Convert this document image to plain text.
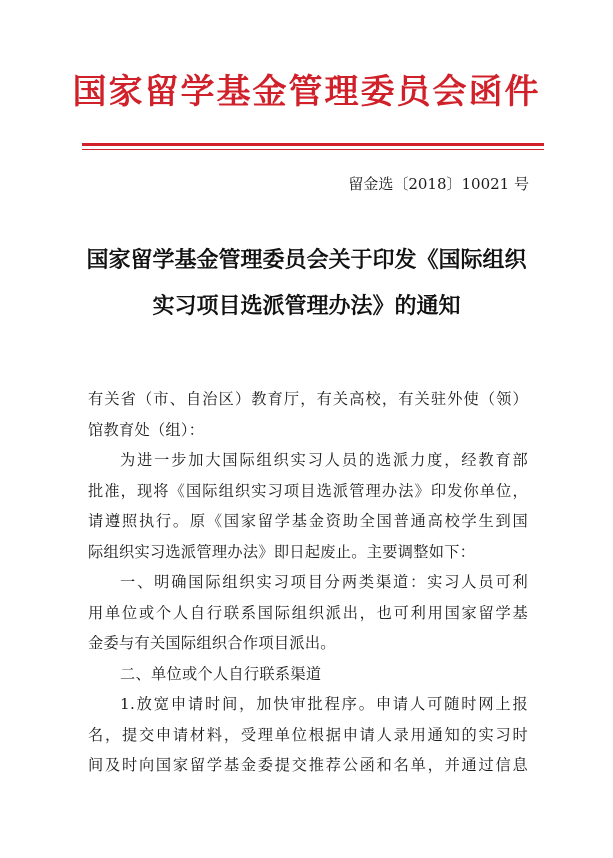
国家留学基金管理委员会函件
留金选〔2018〕10021 号
国家留学基金管理委员会关于印发《国际组织
实习项目选派管理办法》的通知
有关省（市、自治区）教育厅，有关高校，有关驻外使（领）
馆教育处（组）：
为进一步加大国际组织实习人员的选派力度，经教育部
批准，现将《国际组织实习项目选派管理办法》印发你单位，
请遵照执行。原《国家留学基金资助全国普通高校学生到国
际组织实习选派管理办法》即日起废止。主要调整如下：
一、明确国际组织实习项目分两类渠道：实习人员可利
用单位或个人自行联系国际组织派出，也可利用国家留学基
金委与有关国际组织合作项目派出。
二、单位或个人自行联系渠道
1.放宽申请时间，加快审批程序。申请人可随时网上报
名，提交申请材料，受理单位根据申请人录用通知的实习时
间及时向国家留学基金委提交推荐公函和名单，并通过信息
